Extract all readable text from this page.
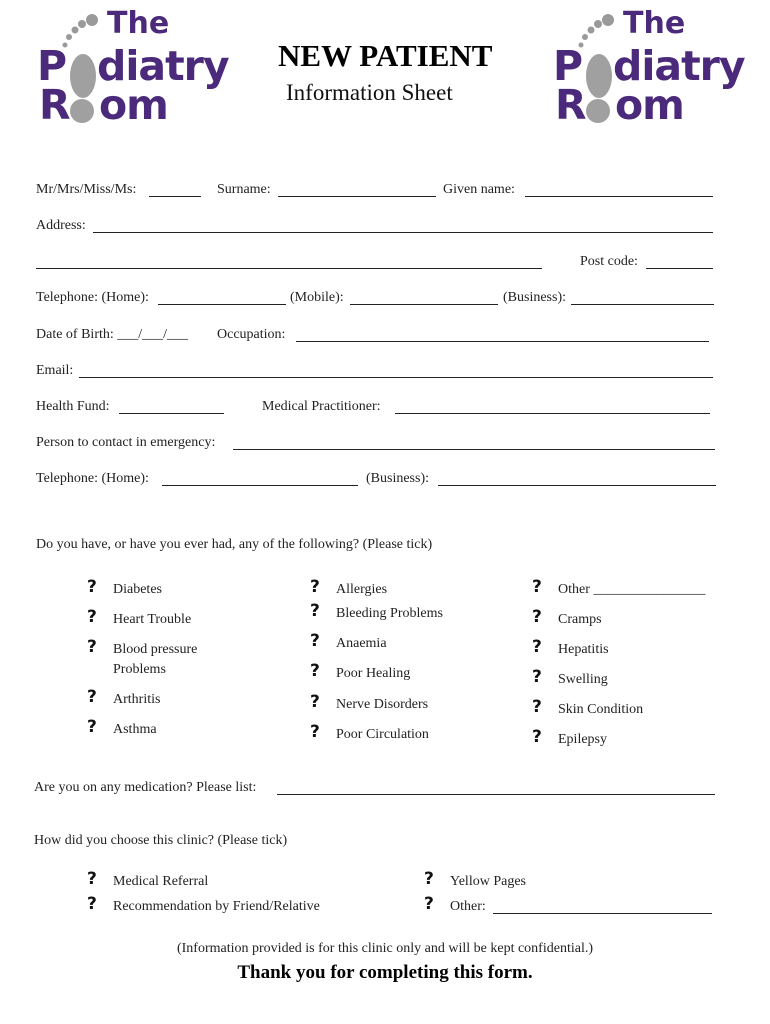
The
P diatry
R om
The
P diatry
R om
NEW PATIENT
Information Sheet
Mr/Mrs/Miss/Ms:	Surname:	Given name:
Address:
Post code:
Telephone: (Home):	(Mobile):	(Business):
Date of Birth: ___/___/___ Occupation:
Email:
Health Fund:	Medical Practitioner:
Person to contact in emergency:
Telephone: (Home):	(Business):
Do you have, or have you ever had, any of the following? (Please tick)
? Diabetes
? Heart Trouble
? Blood pressure
Problems
? Arthritis
? Asthma
? Allergies
? Bleeding Problems
? Anaemia
? Poor Healing
? Nerve Disorders
? Poor Circulation
? Other ________________
? Cramps
? Hepatitis
? Swelling
? Skin Condition
? Epilepsy
Are you on any medication? Please list:
How did you choose this clinic? (Please tick)
? Medical Referral
? Recommendation by Friend/Relative
? Yellow Pages
? Other:
(Information provided is for this clinic only and will be kept confidential.)
Thank you for completing this form.
